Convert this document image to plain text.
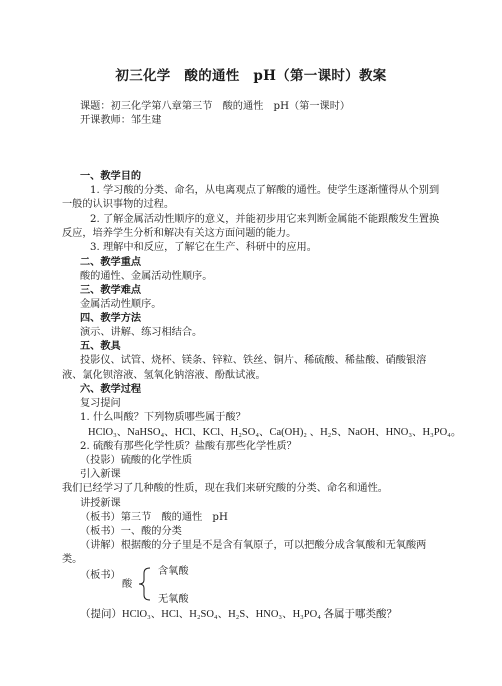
初三化学　酸的通性　pH（第一课时）教案
课题：初三化学第八章第三节　酸的通性　pH（第一课时）
开课教师：邹生建
一、教学目的
1. 学习酸的分类、命名，从电离观点了解酸的通性。使学生逐渐懂得从个别到
一般的认识事物的过程。
2. 了解金属活动性顺序的意义，并能初步用它来判断金属能不能跟酸发生置换
反应，培养学生分析和解决有关这方面问题的能力。
3. 理解中和反应，了解它在生产、科研中的应用。
二、教学重点
酸的通性、金属活动性顺序。
三、教学难点
金属活动性顺序。
四、教学方法
演示、讲解、练习相结合。
五、教具
投影仪、试管、烧杯、镁条、锌粒、铁丝、铜片、稀硫酸、稀盐酸、硝酸银溶
液、氯化钡溶液、氢氧化钠溶液、酚酞试液。
六、教学过程
复习提问
1. 什么叫酸？下列物质哪些属于酸？
HClO₃、NaHSO₄、HCl、KCl、H₂SO₄、Ca(OH)₂ 、H₂S、NaOH、HNO₃、H₃PO₄。
2. 硫酸有那些化学性质？盐酸有那些化学性质？
（投影）硫酸的化学性质
引入新课
我们已经学习了几种酸的性质，现在我们来研究酸的分类、命名和通性。
讲授新课
（板书）第三节　酸的通性　pH
（板书）一、酸的分类
（讲解）根据酸的分子里是不是含有氧原子，可以把酸分成含氧酸和无氧酸两
类。
（板书）
酸
含氧酸
无氧酸
（提问）HClO₃、HCl、H₂SO₄、H₂S、HNO₃、H₃PO₄ 各属于哪类酸？
